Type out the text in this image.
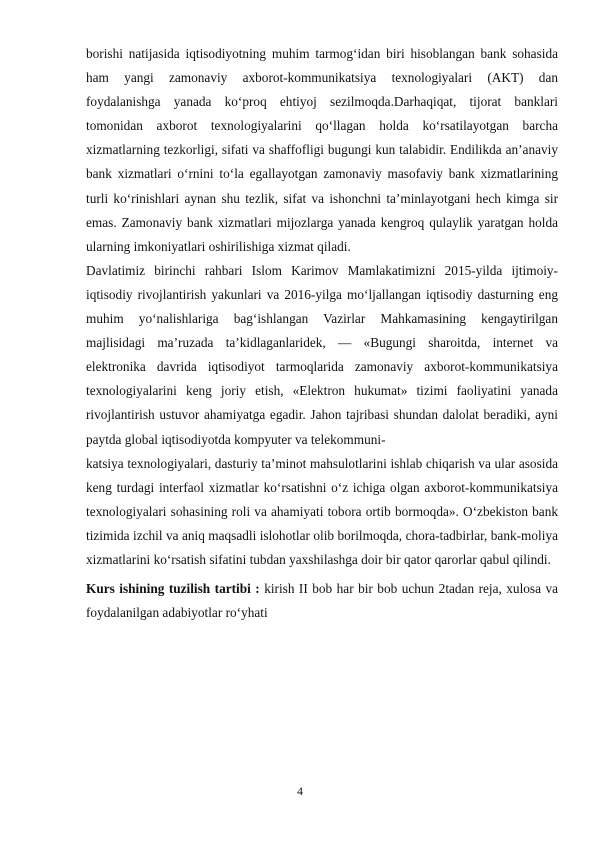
borishi natijasida iqtisodiyotning muhim tarmog‘idan biri hisoblangan bank sohasida ham yangi zamonaviy axborot-kommunikatsiya texnologiyalari (AKT) dan foydalanishga yanada ko‘proq ehtiyoj sezilmoqda.Darhaqiqat, tijorat banklari tomonidan axborot texnologiyalarini qo‘llagan holda ko‘rsatilayotgan barcha xizmatlarning tezkorligi, sifati va shaffofligi bugungi kun talabidir. Endilikda an’anaviy bank xizmatlari o‘rnini to‘la egallayotgan zamonaviy masofaviy bank xizmatlarining turli ko‘rinishlari aynan shu tezlik, sifat va ishonchni ta’minlayotgani hech kimga sir emas. Zamonaviy bank xizmatlari mijozlarga yanada kengroq qulaylik yaratgan holda ularning imkoniyatlari oshirilishiga xizmat qiladi.

Davlatimiz birinchi rahbari Islom Karimov Mamlakatimizni 2015-yilda ijtimoiy-iqtisodiy rivojlantirish yakunlari va 2016-yilga mo‘ljallangan iqtisodiy dasturning eng muhim yo‘nalishlariga bag‘ishlangan Vazirlar Mahkamasining kengaytirilgan majlisidagi ma’ruzada ta’kidlaganlaridek, — «Bugungi sharoitda, internet va elektronika davrida iqtisodiyot tarmoqlarida zamonaviy axborot-kommunikatsiya texnologiyalarini keng joriy etish, «Elektron hukumat» tizimi faoliyatini yanada rivojlantirish ustuvor ahamiyatga egadir. Jahon tajribasi shundan dalolat beradiki, ayni paytda global iqtisodiyotda kompyuter va telekommuni-

katsiya texnologiyalari, dasturiy ta’minot mahsulotlarini ishlab chiqarish va ular asosida keng turdagi interfaol xizmatlar ko‘rsatishni o‘z ichiga olgan axborot-kommunikatsiya texnologiyalari sohasining roli va ahamiyati tobora ortib bormoqda». O‘zbekiston bank tizimida izchil va aniq maqsadli islohotlar olib borilmoqda, chora-tadbirlar, bank-moliya xizmatlarini ko‘rsatish sifatini tubdan yaxshilashga doir bir qator qarorlar qabul qilindi.

Kurs ishining tuzilish tartibi : kirish II bob har bir bob uchun 2tadan reja, xulosa va foydalanilgan adabiyotlar ro‘yhati

4
